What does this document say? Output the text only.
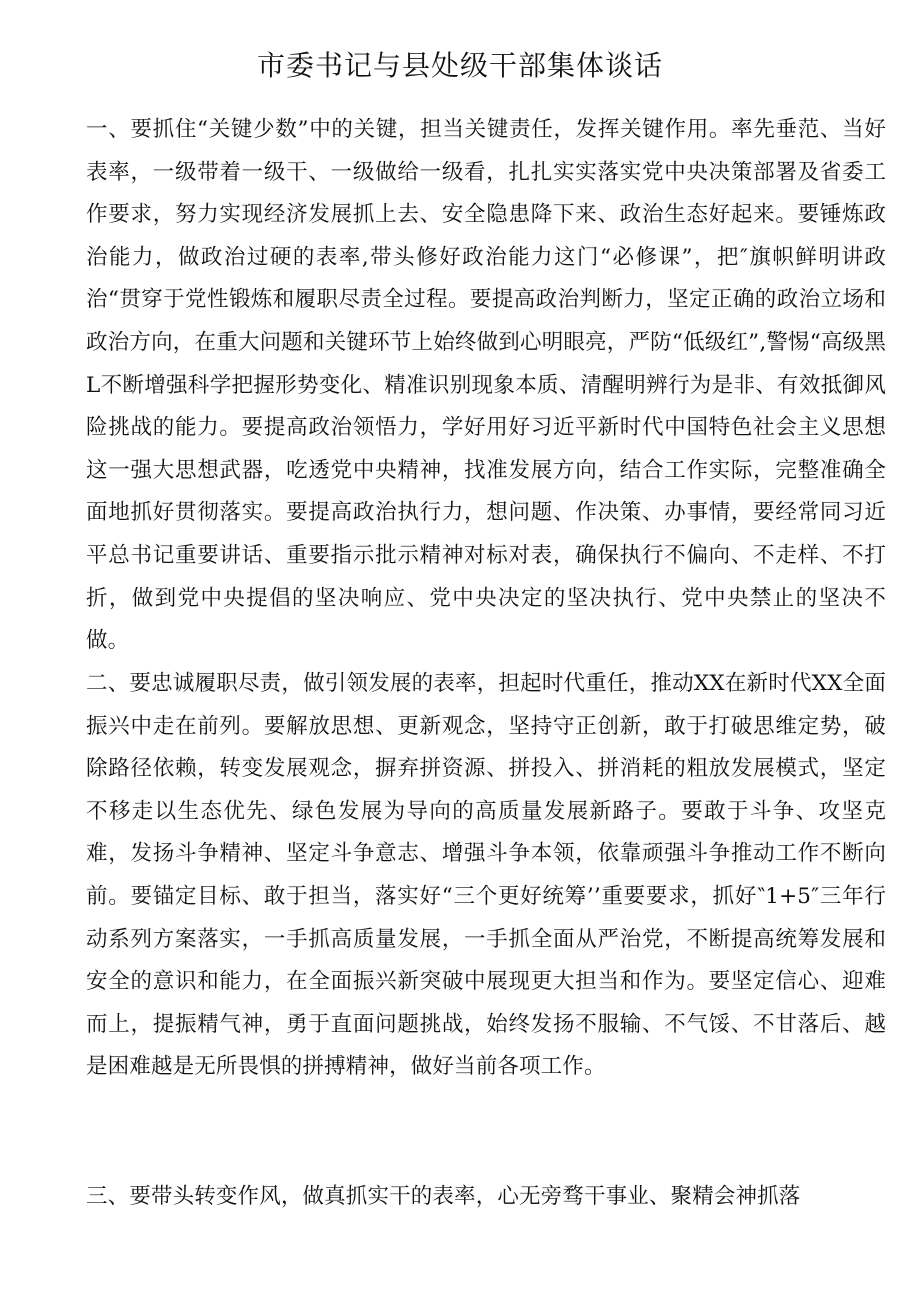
市委书记与县处级干部集体谈话

一、要抓住“关键少数”中的关键，担当关键责任，发挥关键作用。率先垂范、当好表率，一级带着一级干、一级做给一级看，扎扎实实落实党中央决策部署及省委工作要求，努力实现经济发展抓上去、安全隐患降下来、政治生态好起来。要锤炼政治能力，做政治过硬的表率,带头修好政治能力这门“必修课”，把″旗帜鲜明讲政治“贯穿于党性锻炼和履职尽责全过程。要提高政治判断力，坚定正确的政治立场和政治方向，在重大问题和关键环节上始终做到心明眼亮，严防“低级红”,警惕“高级黑L不断增强科学把握形势变化、精准识别现象本质、清醒明辨行为是非、有效抵御风险挑战的能力。要提高政治领悟力，学好用好习近平新时代中国特色社会主义思想这一强大思想武器，吃透党中央精神，找准发展方向，结合工作实际，完整准确全面地抓好贯彻落实。要提高政治执行力，想问题、作决策、办事情，要经常同习近平总书记重要讲话、重要指示批示精神对标对表，确保执行不偏向、不走样、不打折，做到党中央提倡的坚决响应、党中央决定的坚决执行、党中央禁止的坚决不做。

二、要忠诚履职尽责，做引领发展的表率，担起时代重任，推动XX在新时代XX全面振兴中走在前列。要解放思想、更新观念，坚持守正创新，敢于打破思维定势，破除路径依赖，转变发展观念，摒弃拼资源、拼投入、拼消耗的粗放发展模式，坚定不移走以生态优先、绿色发展为导向的高质量发展新路子。要敢于斗争、攻坚克难，发扬斗争精神、坚定斗争意志、增强斗争本领，依靠顽强斗争推动工作不断向前。要锚定目标、敢于担当，落实好“三个更好统筹’’重要要求，抓好‶1+5″三年行动系列方案落实，一手抓高质量发展，一手抓全面从严治党，不断提高统筹发展和安全的意识和能力，在全面振兴新突破中展现更大担当和作为。要坚定信心、迎难而上，提振精气神，勇于直面问题挑战，始终发扬不服输、不气馁、不甘落后、越是困难越是无所畏惧的拼搏精神，做好当前各项工作。

三、要带头转变作风，做真抓实干的表率，心无旁骛干事业、聚精会神抓落
